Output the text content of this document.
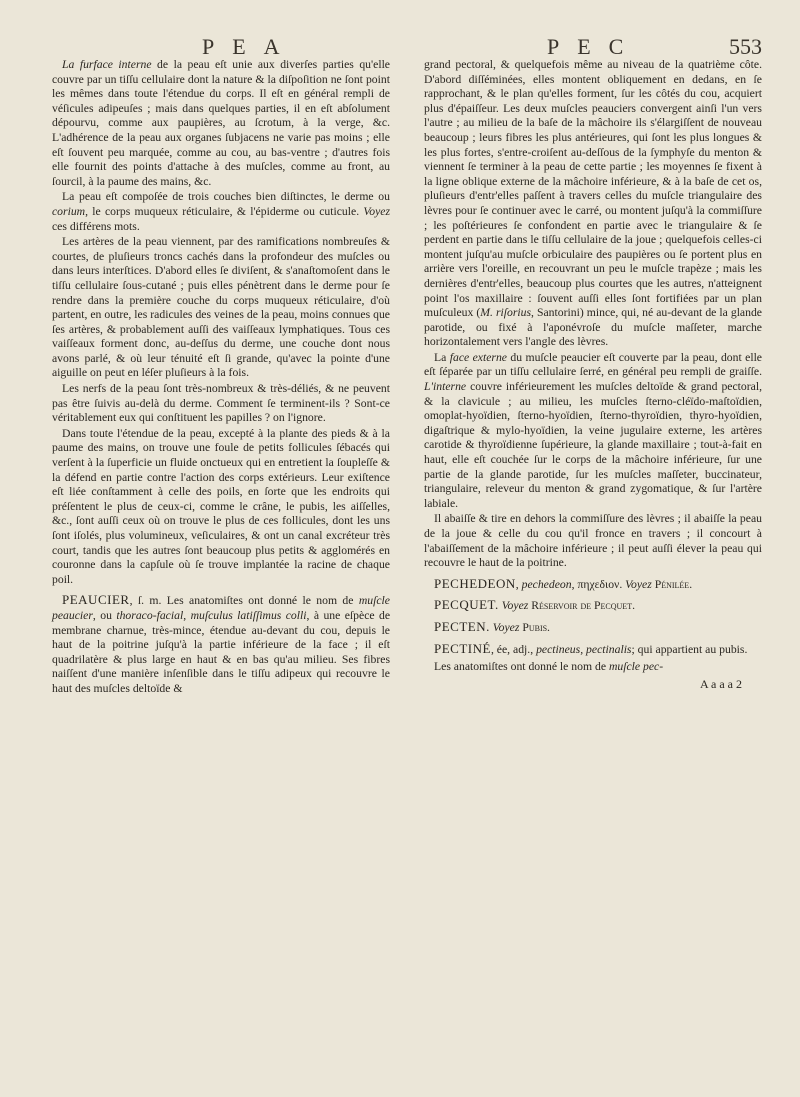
PEA	PEC	553

La furface interne de la peau eſt unie aux diverſes parties qu'elle couvre par un tiſſu cellulaire dont la nature & la diſpoſition ne ſont point les mêmes dans toute l'étendue du corps. Il eſt en général rempli de véſicules adipeuſes ; mais dans quelques parties, il en eſt abſolument dépourvu, comme aux paupières, au ſcrotum, à la verge, &c. L'adhérence de la peau aux organes ſubjacens ne varie pas moins ; elle eſt ſouvent peu marquée, comme au cou, au bas-ventre ; d'autres fois elle fournit des points d'attache à des muſcles, comme au front, au ſourcil, à la paume des mains, &c.

La peau eſt compoſée de trois couches bien diſtinctes, le derme ou corium, le corps muqueux réticulaire, & l'épiderme ou cuticule. Voyez ces différens mots.

Les artères de la peau viennent, par des ramifications nombreuſes & courtes, de pluſieurs troncs cachés dans la profondeur des muſcles ou dans leurs interſtices. D'abord elles ſe diviſent, & s'anaſtomoſent dans le tiſſu cellulaire ſous-cutané ; puis elles pénètrent dans le derme pour ſe rendre dans la première couche du corps muqueux réticulaire, d'où partent, en outre, les radicules des veines de la peau, moins connues que ſes artères, & probablement auſſi des vaiſſeaux lymphatiques. Tous ces vaiſſeaux forment donc, au-deſſus du derme, une couche dont nous avons parlé, & où leur ténuité eſt ſi grande, qu'avec la pointe d'une aiguille on peut en léſer pluſieurs à la fois.

Les nerfs de la peau ſont très-nombreux & très-déliés, & ne peuvent pas être ſuivis au-delà du derme. Comment ſe terminent-ils ? Sont-ce véritablement eux qui conſtituent les papilles ? on l'ignore.

Dans toute l'étendue de la peau, excepté à la plante des pieds & à la paume des mains, on trouve une foule de petits follicules ſébacés qui verſent à la ſuperficie un fluide onctueux qui en entretient la ſoupleſſe & la défend en partie contre l'action des corps extérieurs. Leur exiſtence eſt liée conſtamment à celle des poils, en ſorte que les endroits qui préſentent le plus de ceux-ci, comme le crâne, le pubis, les aiſſelles, &c., ſont auſſi ceux où on trouve le plus de ces follicules, dont les uns ſont iſolés, plus volumineux, veſiculaires, & ont un canal excréteur très court, tandis que les autres ſont beaucoup plus petits & agglomérés en couronne dans la capſule où ſe trouve implantée la racine de chaque poil.

PEAUCIER, ſ. m. Les anatomiſtes ont donné le nom de muſcle peaucier, ou thoraco-facial, muſculus latiſſimus colli, à une eſpèce de membrane charnue, très-mince, étendue au-devant du cou, depuis le haut de la poitrine juſqu'à la partie inférieure de la face ; il eſt quadrilatère & plus large en haut & en bas qu'au milieu. Ses fibres naiſſent d'une manière inſenſible dans le tiſſu adipeux qui recouvre le haut des muſcles deltoïde &

grand pectoral, & quelquefois même au niveau de la quatrième côte. D'abord diſſéminées, elles montent obliquement en dedans, en ſe rapprochant, & le plan qu'elles forment, ſur les côtés du cou, acquiert plus d'épaiſſeur. Les deux muſcles peauciers convergent ainſi l'un vers l'autre ; au milieu de la baſe de la mâchoire ils s'élargiſſent de nouveau beaucoup ; leurs fibres les plus antérieures, qui ſont les plus longues & les plus fortes, s'entre-croiſent au-deſſous de la ſymphyſe du menton & viennent ſe terminer à la peau de cette partie ; les moyennes ſe fixent à la ligne oblique externe de la mâchoire inférieure, & à la baſe de cet os, pluſieurs d'entr'elles paſſent à travers celles du muſcle triangulaire des lèvres pour ſe continuer avec le carré, ou montent juſqu'à la commiſſure ; les poſtérieures ſe confondent en partie avec le triangulaire & ſe perdent en partie dans le tiſſu cellulaire de la joue ; quelquefois celles-ci montent juſqu'au muſcle orbiculaire des paupières ou ſe portent plus en arrière vers l'oreille, en recouvrant un peu le muſcle trapèze ; mais les dernières d'entr'elles, beaucoup plus courtes que les autres, n'atteignent point l'os maxillaire : ſouvent auſſi elles ſont fortifiées par un plan muſculeux (M. riſorius, Santorini) mince, qui, né au-devant de la glande parotide, ou fixé à l'aponévroſe du muſcle maſſeter, marche horizontalement vers l'angle des lèvres.

La face externe du muſcle peaucier eſt couverte par la peau, dont elle eſt ſéparée par un tiſſu cellulaire ſerré, en général peu rempli de graiſſe. L'interne couvre inférieurement les muſcles deltoïde & grand pectoral, & la clavicule ; au milieu, les muſcles ſterno-cléïdo-maſtoïdien, omoplat-hyoïdien, ſterno-hyoïdien, ſterno-thyroïdien, thyro-hyoïdien, digaſtrique & mylo-hyoïdien, la veine jugulaire externe, les artères carotide & thyroïdienne ſupérieure, la glande maxillaire ; tout-à-fait en haut, elle eſt couchée ſur le corps de la mâchoire inférieure, ſur une partie de la glande parotide, ſur les muſcles maſſeter, buccinateur, triangulaire, releveur du menton & grand zygomatique, & ſur l'artère labiale.

Il abaiſſe & tire en dehors la commiſſure des lèvres ; il abaiſſe la peau de la joue & celle du cou qu'il fronce en travers ; il concourt à l'abaiſſement de la mâchoire inférieure ; il peut auſſi élever la peau qui recouvre le haut de la poitrine.

PECHEDEON, pechedeon, πηχεδιον. Voyez Pénilée.

PECQUET. Voyez Réservoir de Pecquet.

PECTEN. Voyez Pubis.

PECTINÉ, ée, adj., pectineus, pectinalis; qui appartient au pubis.

Les anatomiſtes ont donné le nom de muſcle pec-

A a a a 2
